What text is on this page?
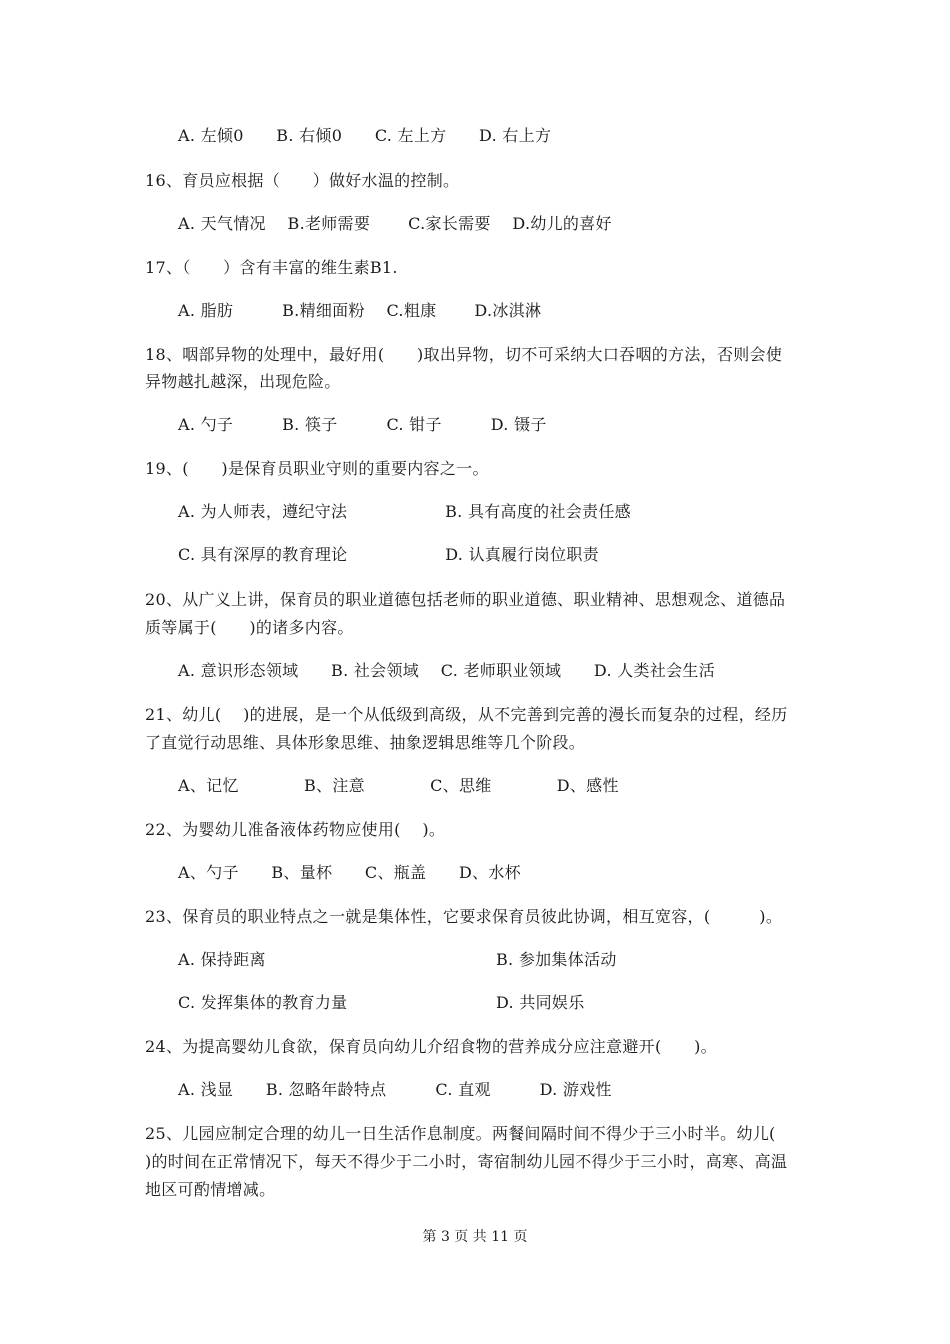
A. 左倾0　　B. 右倾0　　C. 左上方　　D. 右上方
16、育员应根据（　　）做好水温的控制。
A. 天气情况　 B.老师需要　　 C.家长需要　 D.幼儿的喜好
17、（　　）含有丰富的维生素B1.
A. 脂肪　　　B.精细面粉　 C.粗康　　 D.冰淇淋
18、咽部异物的处理中，最好用(　　)取出异物，切不可采纳大口吞咽的方法，否则会使
异物越扎越深，出现危险。
A. 勺子　　　B. 筷子　　　C. 钳子　　　D. 镊子
19、(　　)是保育员职业守则的重要内容之一。
A. 为人师表，遵纪守法　　　　　　B. 具有高度的社会责任感
C. 具有深厚的教育理论　　　　　　D. 认真履行岗位职责
20、从广义上讲，保育员的职业道德包括老师的职业道德、职业精神、思想观念、道德品
质等属于(　　)的诸多内容。
A. 意识形态领域　　B. 社会领域　 C. 老师职业领域　　D. 人类社会生活
21、幼儿(　 )的进展，是一个从低级到高级，从不完善到完善的漫长而复杂的过程，经历
了直觉行动思维、具体形象思维、抽象逻辑思维等几个阶段。
A、记忆　　　　B、注意　　　　C、思维　　　　D、感性
22、为婴幼儿准备液体药物应使用(　 )。
A、勺子　　B、量杯　　C、瓶盖　　D、水杯
23、保育员的职业特点之一就是集体性，它要求保育员彼此协调，相互宽容，(　　　)。
A. 保持距离	B. 参加集体活动
C. 发挥集体的教育力量	D. 共同娱乐
24、为提高婴幼儿食欲，保育员向幼儿介绍食物的营养成分应注意避开(　　)。
A. 浅显　　B. 忽略年龄特点　　　C. 直观　　　D. 游戏性
25、儿园应制定合理的幼儿一日生活作息制度。两餐间隔时间不得少于三小时半。幼儿(
)的时间在正常情况下，每天不得少于二小时，寄宿制幼儿园不得少于三小时，高寒、高温
地区可酌情增减。
第 3 页 共 11 页
